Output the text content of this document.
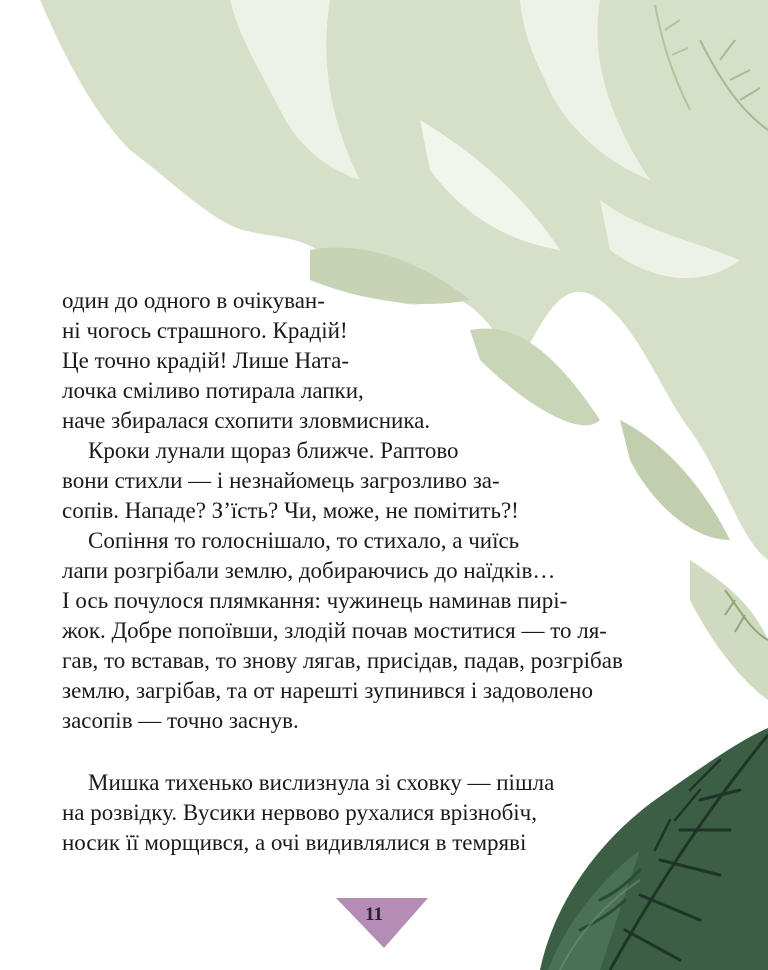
один до одного в очікуван-
ні чогось страшного. Крадій!
Це точно крадій! Лише Ната-
лочка сміливо потирала лапки,
наче збиралася схопити зловмисника.
Кроки лунали щораз ближче. Раптово
вони стихли — і незнайомець загрозливо за-
сопів. Нападе? З’їсть? Чи, може, не помітить?!
Сопіння то голоснішало, то стихало, а чиїсь
лапи розгрібали землю, добираючись до наїдків…
І ось почулося плямкання: чужинець наминав пирі-
жок. Добре попоївши, злодій почав моститися — то ля-
гав, то вставав, то знову лягав, присідав, падав, розгрібав
землю, загрібав, та от нарешті зупинився і задоволено
засопів — точно заснув.
Мишка тихенько вислизнула зі сховку — пішла
на розвідку. Вусики нервово рухалися врізнобіч,
носик її морщився, а очі видивлялися в темряві
11
